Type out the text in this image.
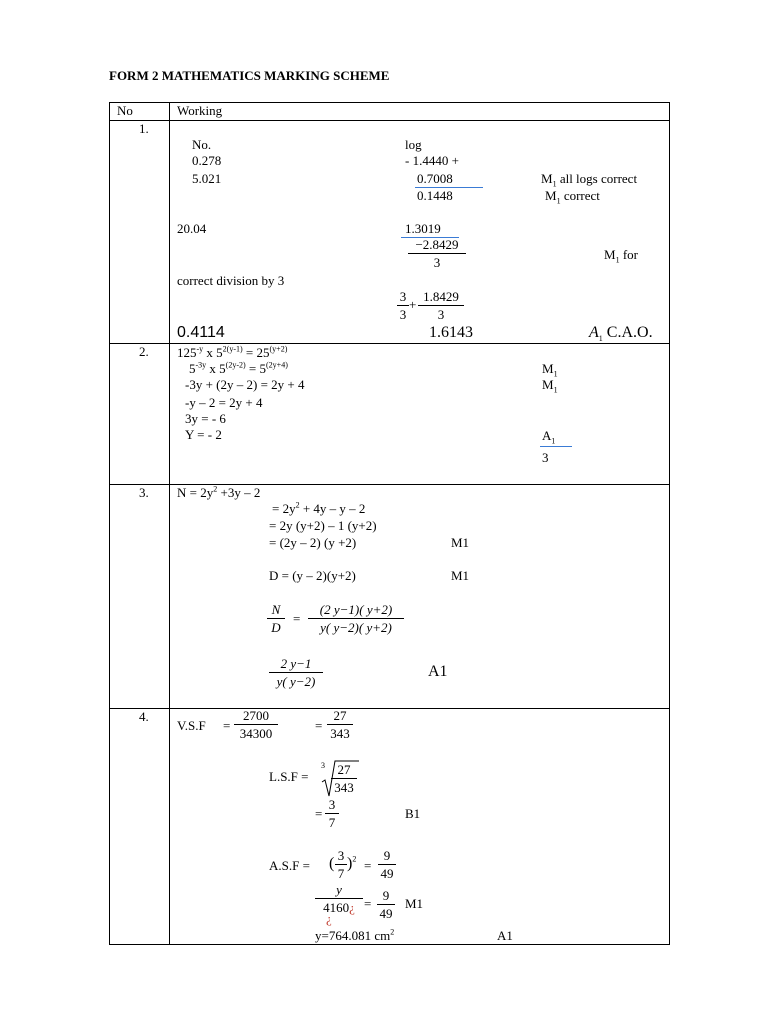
FORM 2 MATHEMATICS MARKING SCHEME
No	Working
1.
No.	log
0.278	- 1.4440 +
5.021	0.7008	$M_1$ all logs correct
0.1448	$M_1$ correct
20.04	1.3019
−2.8429
3
$M_1$ for
correct division by 3
3
3
+
1.8429
3
0.4114	1.6143	$A_1$ C.A.O.
2. $125^{-y}$ x $5^{2(y-1)} = 25^{(y+2)}$
$5^{-3y}$ x $5^{(2y-2)} = 5^{(2y+4)}$	$M_1$
-3y + (2y – 2) = 2y + 4	$M_1$
-y – 2 = 2y + 4
3y = - 6
Y = - 2	$A_1$
3
3. $N = 2y^2 +3y - 2$
= $2y^2 + 4y - y - 2$
= 2y (y+2) – 1 (y+2)
= (2y – 2) (y +2)	M1
D = (y – 2)(y+2)	M1
N
D
=
(2 y−1)( y+2)
y( y−2)( y+2)
2 y−1
y( y−2)
A1
4.
V.S.F =
2700
34300
=
27
343
L.S.F =
3 27
343
=
3
7
B1
A.S.F = ( 3
7
)$^2$ =
9
49
y
4160¿
¿
=
9
49
M1
y=764.081 $cm^2$	A1
